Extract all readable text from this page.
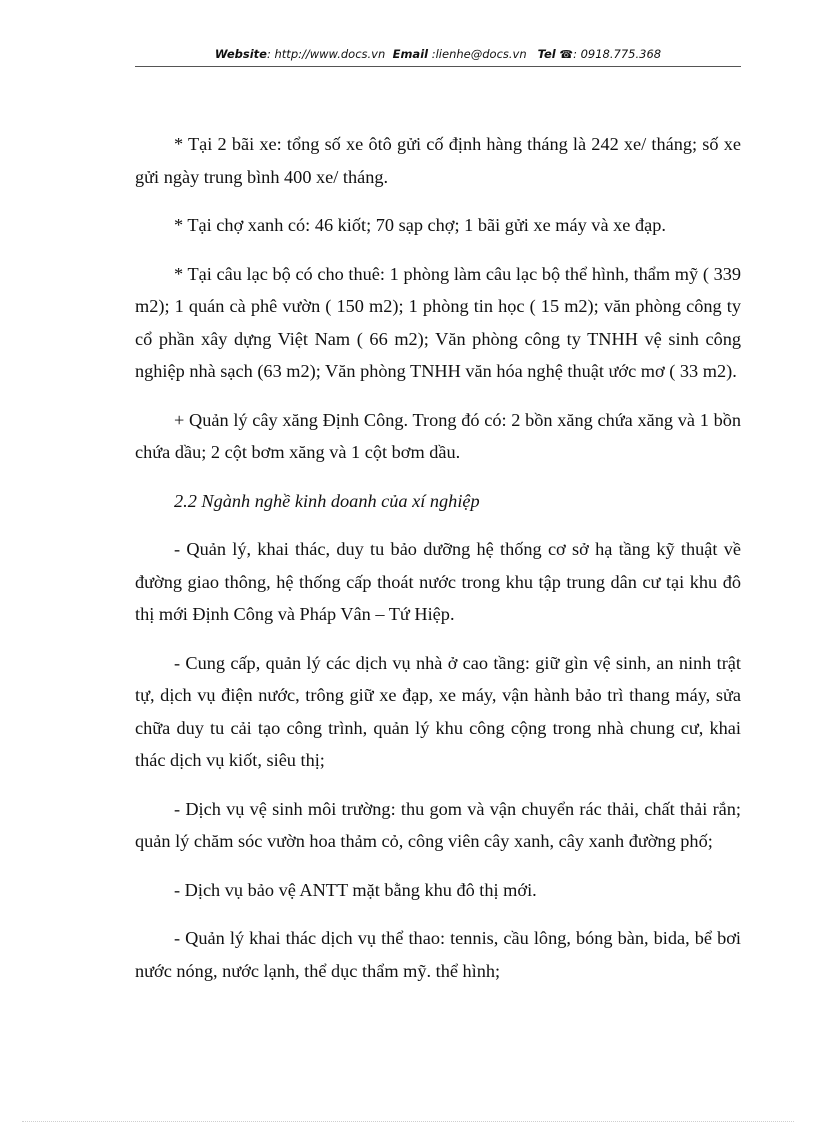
Website: http://www.docs.vn Email :lienhe@docs.vn Tel ☎: 0918.775.368

* Tại 2 bãi xe: tổng số xe ôtô gửi cố định hàng tháng là 242 xe/ tháng; số xe gửi ngày trung bình 400 xe/ tháng.

* Tại chợ xanh có: 46 kiốt; 70 sạp chợ; 1 bãi gửi xe máy và xe đạp.

* Tại câu lạc bộ có cho thuê: 1 phòng làm câu lạc bộ thể hình, thẩm mỹ ( 339 m2); 1 quán cà phê vườn ( 150 m2); 1 phòng tin học ( 15 m2); văn phòng công ty cổ phần xây dựng Việt Nam ( 66 m2); Văn phòng công ty TNHH vệ sinh công nghiệp nhà sạch (63 m2); Văn phòng TNHH văn hóa nghệ thuật ước mơ ( 33 m2).

+ Quản lý cây xăng Định Công. Trong đó có: 2 bồn xăng chứa xăng và 1 bồn chứa dầu; 2 cột bơm xăng và 1 cột bơm dầu.

2.2 Ngành nghề kinh doanh của xí nghiệp

- Quản lý, khai thác, duy tu bảo dưỡng hệ thống cơ sở hạ tầng kỹ thuật về đường giao thông, hệ thống cấp thoát nước trong khu tập trung dân cư tại khu đô thị mới Định Công và Pháp Vân – Tứ Hiệp.

- Cung cấp, quản lý các dịch vụ nhà ở cao tầng: giữ gìn vệ sinh, an ninh trật tự, dịch vụ điện nước, trông giữ xe đạp, xe máy, vận hành bảo trì thang máy, sửa chữa duy tu cải tạo công trình, quản lý khu công cộng trong nhà chung cư, khai thác dịch vụ kiốt, siêu thị;

- Dịch vụ vệ sinh môi trường: thu gom và vận chuyển rác thải, chất thải rắn; quản lý chăm sóc vườn hoa thảm cỏ, công viên cây xanh, cây xanh đường phố;

- Dịch vụ bảo vệ ANTT mặt bằng khu đô thị mới.

- Quản lý khai thác dịch vụ thể thao: tennis, cầu lông, bóng bàn, bida, bể bơi nước nóng, nước lạnh, thể dục thẩm mỹ. thể hình;
